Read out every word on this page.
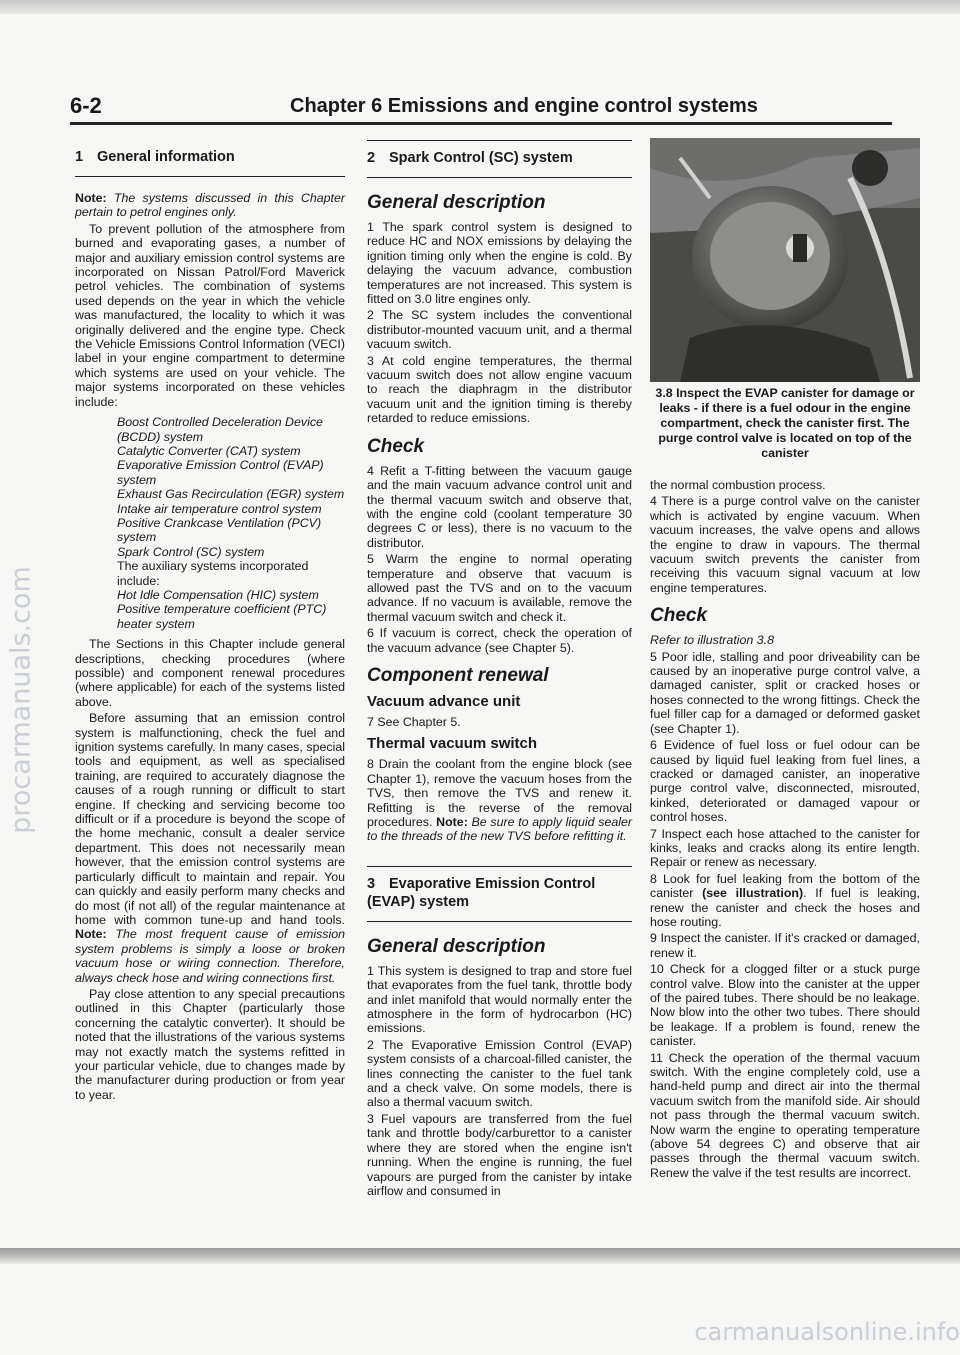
procarmanuals.com
6-2	Chapter 6 Emissions and engine control systems
1 General information

Note: The systems discussed in this Chapter pertain to petrol engines only.

To prevent pollution of the atmosphere from burned and evaporating gases, a number of major and auxiliary emission control systems are incorporated on Nissan Patrol/Ford Maverick petrol vehicles. The combination of systems used depends on the year in which the vehicle was manufactured, the locality to which it was originally delivered and the engine type. Check the Vehicle Emissions Control Information (VECI) label in your engine compartment to determine which systems are used on your vehicle. The major systems incorporated on these vehicles include:

Boost Controlled Deceleration Device (BCDD) system
Catalytic Converter (CAT) system
Evaporative Emission Control (EVAP) system
Exhaust Gas Recirculation (EGR) system
Intake air temperature control system
Positive Crankcase Ventilation (PCV) system
Spark Control (SC) system
The auxiliary systems incorporated include:
Hot Idle Compensation (HIC) system
Positive temperature coefficient (PTC) heater system

The Sections in this Chapter include general descriptions, checking procedures (where possible) and component renewal procedures (where applicable) for each of the systems listed above.

Before assuming that an emission control system is malfunctioning, check the fuel and ignition systems carefully. In many cases, special tools and equipment, as well as specialised training, are required to accurately diagnose the causes of a rough running or difficult to start engine. If checking and servicing become too difficult or if a procedure is beyond the scope of the home mechanic, consult a dealer service department. This does not necessarily mean however, that the emission control systems are particularly difficult to maintain and repair. You can quickly and easily perform many checks and do most (if not all) of the regular maintenance at home with common tune-up and hand tools. Note: The most frequent cause of emission system problems is simply a loose or broken vacuum hose or wiring connection. Therefore, always check hose and wiring connections first.

Pay close attention to any special precautions outlined in this Chapter (particularly those concerning the catalytic converter). It should be noted that the illustrations of the various systems may not exactly match the systems refitted in your particular vehicle, due to changes made by the manufacturer during production or from year to year.

2 Spark Control (SC) system
General description

1 The spark control system is designed to reduce HC and NOX emissions by delaying the ignition timing only when the engine is cold. By delaying the vacuum advance, combustion temperatures are not increased. This system is fitted on 3.0 litre engines only.

2 The SC system includes the conventional distributor-mounted vacuum unit, and a thermal vacuum switch.

3 At cold engine temperatures, the thermal vacuum switch does not allow engine vacuum to reach the diaphragm in the distributor vacuum unit and the ignition timing is thereby retarded to reduce emissions.

Check

4 Refit a T-fitting between the vacuum gauge and the main vacuum advance control unit and the thermal vacuum switch and observe that, with the engine cold (coolant temperature 30 degrees C or less), there is no vacuum to the distributor.

5 Warm the engine to normal operating temperature and observe that vacuum is allowed past the TVS and on to the vacuum advance. If no vacuum is available, remove the thermal vacuum switch and check it.

6 If vacuum is correct, check the operation of the vacuum advance (see Chapter 5).

Component renewal
Vacuum advance unit

7 See Chapter 5.

Thermal vacuum switch

8 Drain the coolant from the engine block (see Chapter 1), remove the vacuum hoses from the TVS, then remove the TVS and renew it. Refitting is the reverse of the removal procedures. Note: Be sure to apply liquid sealer to the threads of the new TVS before refitting it.

3 Evaporative Emission Control (EVAP) system
General description

1 This system is designed to trap and store fuel that evaporates from the fuel tank, throttle body and inlet manifold that would normally enter the atmosphere in the form of hydrocarbon (HC) emissions.

2 The Evaporative Emission Control (EVAP) system consists of a charcoal-filled canister, the lines connecting the canister to the fuel tank and a check valve. On some models, there is also a thermal vacuum switch.

3 Fuel vapours are transferred from the fuel tank and throttle body/carburettor to a canister where they are stored when the engine isn't running. When the engine is running, the fuel vapours are purged from the canister by intake airflow and consumed in

3.8 Inspect the EVAP canister for damage or leaks - if there is a fuel odour in the engine compartment, check the canister first. The purge control valve is located on top of the canister

the normal combustion process.

4 There is a purge control valve on the canister which is activated by engine vacuum. When vacuum increases, the valve opens and allows the engine to draw in vapours. The thermal vacuum switch prevents the canister from receiving this vacuum signal vacuum at low engine temperatures.

Check

Refer to illustration 3.8

5 Poor idle, stalling and poor driveability can be caused by an inoperative purge control valve, a damaged canister, split or cracked hoses or hoses connected to the wrong fittings. Check the fuel filler cap for a damaged or deformed gasket (see Chapter 1).

6 Evidence of fuel loss or fuel odour can be caused by liquid fuel leaking from fuel lines, a cracked or damaged canister, an inoperative purge control valve, disconnected, misrouted, kinked, deteriorated or damaged vapour or control hoses.

7 Inspect each hose attached to the canister for kinks, leaks and cracks along its entire length. Repair or renew as necessary.

8 Look for fuel leaking from the bottom of the canister (see illustration). If fuel is leaking, renew the canister and check the hoses and hose routing.

9 Inspect the canister. If it's cracked or damaged, renew it.

10 Check for a clogged filter or a stuck purge control valve. Blow into the canister at the upper of the paired tubes. There should be no leakage. Now blow into the other two tubes. There should be leakage. If a problem is found, renew the canister.

11 Check the operation of the thermal vacuum switch. With the engine completely cold, use a hand-held pump and direct air into the thermal vacuum switch from the manifold side. Air should not pass through the thermal vacuum switch. Now warm the engine to operating temperature (above 54 degrees C) and observe that air passes through the thermal vacuum switch. Renew the valve if the test results are incorrect.

carmanualsonline.info
